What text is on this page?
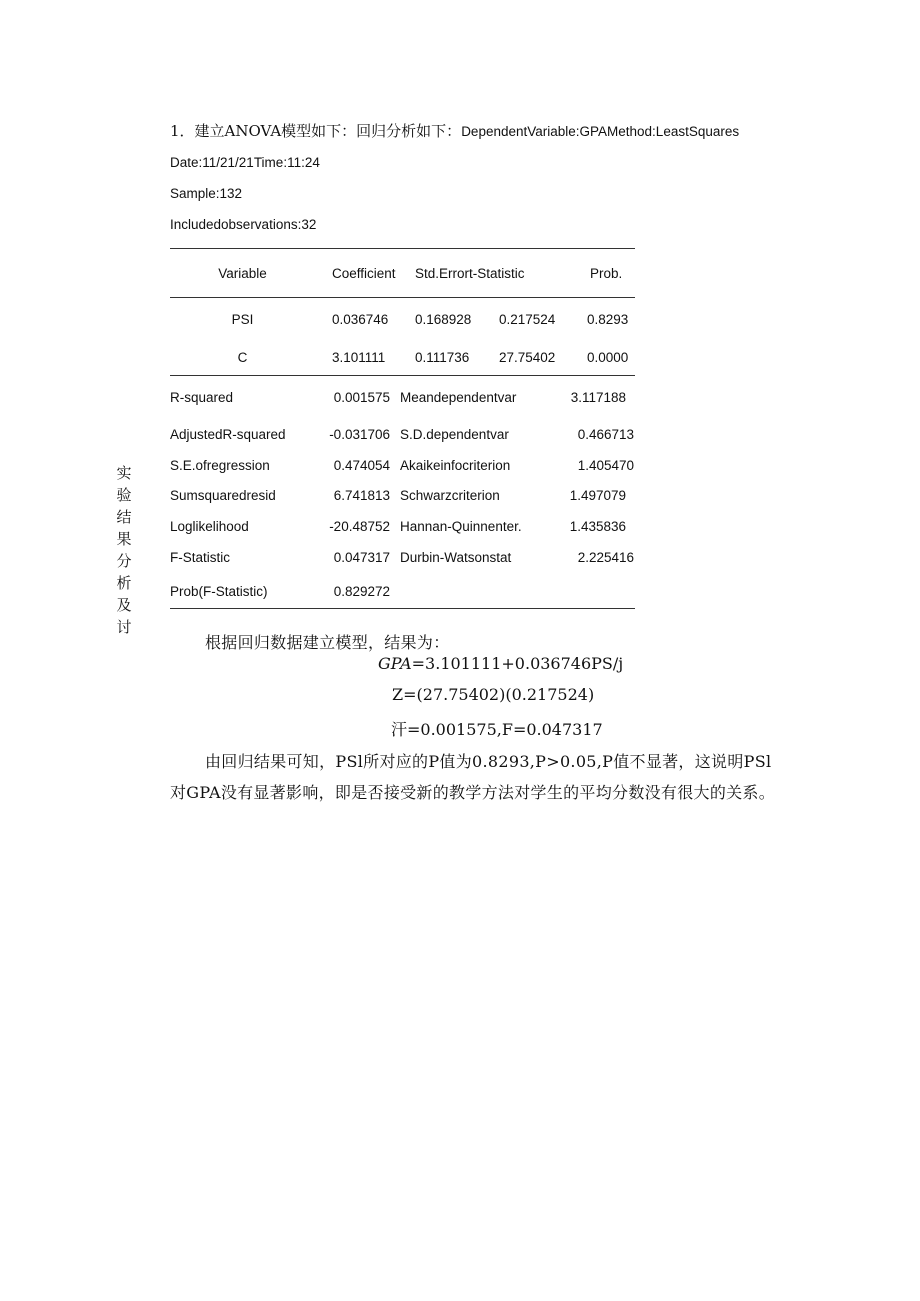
1．建立ANOVA模型如下：回归分析如下：DependentVariable:GPAMethod:LeastSquares
Date:11/21/21Time:11:24
Sample:132
Includedobservations:32
Variable	Coefficient Std.Errort-Statistic	Prob.
PSI	0.036746 0.168928 0.217524 0.8293
C	3.101111 0.111736 27.75402 0.0000
R-squared	0.001575 Meandependentvar	3.117188
AdjustedR-squared	-0.031706 S.D.dependentvar	0.466713
S.E.ofregression	0.474054 Akaikeinfocriterion	1.405470
Sumsquaredresid	6.741813 Schwarzcriterion	1.497079
Loglikelihood	-20.48752 Hannan-Quinnenter.	1.435836
F-Statistic	0.047317 Durbin-Watsonstat	2.225416
Prob(F-Statistic)	0.829272
实
验
结
果
分
析
及
讨
根据回归数据建立模型，结果为：
GPA=3.101111+0.036746PS/j
Z=(27.75402)(0.217524)
汗=0.001575,F=0.047317
由回归结果可知，PSl所对应的P值为0.8293,P>0.05,P值不显著，这说明PSl
对GPA没有显著影响，即是否接受新的教学方法对学生的平均分数没有很大的关系。
